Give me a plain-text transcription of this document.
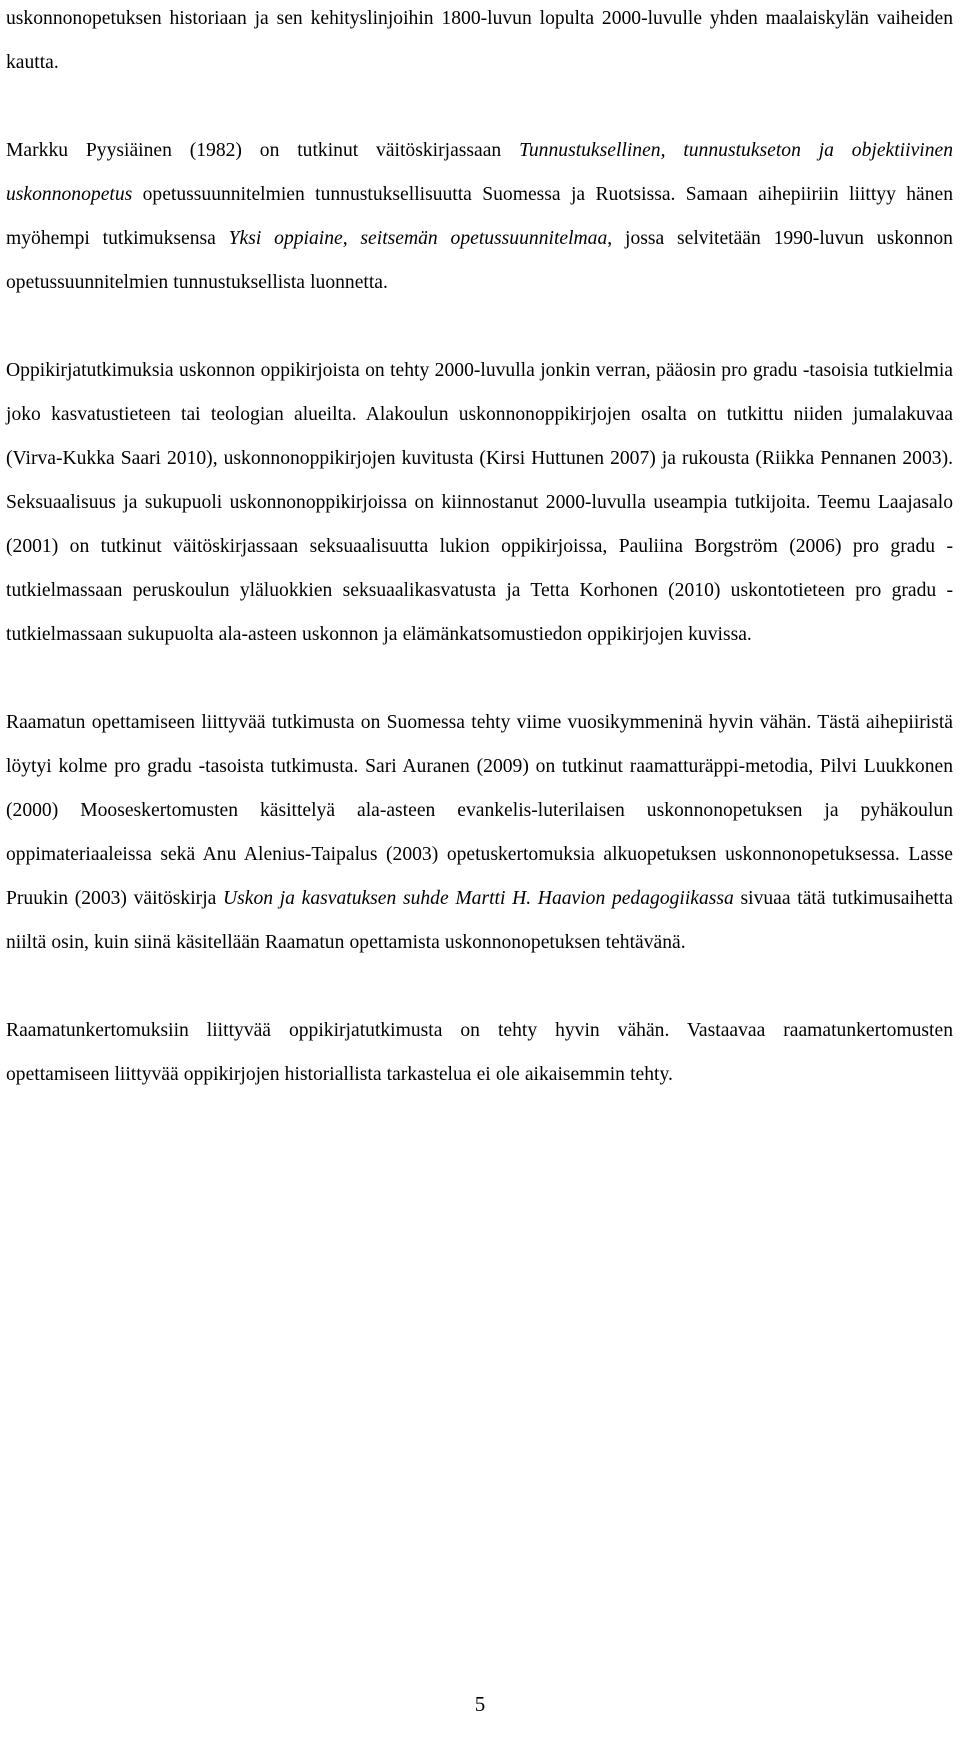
uskonnonopetuksen historiaan ja sen kehityslinjoihin 1800-luvun lopulta 2000-luvulle yhden maalaiskylän vaiheiden kautta.

Markku Pyysiäinen (1982) on tutkinut väitöskirjassaan Tunnustuksellinen, tunnustukseton ja objektiivinen uskonnonopetus opetussuunnitelmien tunnustuksellisuutta Suomessa ja Ruotsissa. Samaan aihepiiriin liittyy hänen myöhempi tutkimuksensa Yksi oppiaine, seitsemän opetussuunnitelmaa, jossa selvitetään 1990-luvun uskonnon opetussuunnitelmien tunnustuksellista luonnetta.

Oppikirjatutkimuksia uskonnon oppikirjoista on tehty 2000-luvulla jonkin verran, pääosin pro gradu -tasoisia tutkielmia joko kasvatustieteen tai teologian alueilta. Alakoulun uskonnonoppikirjojen osalta on tutkittu niiden jumalakuvaa (Virva-Kukka Saari 2010), uskonnonoppikirjojen kuvitusta (Kirsi Huttunen 2007) ja rukousta (Riikka Pennanen 2003). Seksuaalisuus ja sukupuoli uskonnonoppikirjoissa on kiinnostanut 2000-luvulla useampia tutkijoita. Teemu Laajasalo (2001) on tutkinut väitöskirjassaan seksuaalisuutta lukion oppikirjoissa, Pauliina Borgström (2006) pro gradu -tutkielmassaan peruskoulun yläluokkien seksuaalikasvatusta ja Tetta Korhonen (2010) uskontotieteen pro gradu -tutkielmassaan sukupuolta ala-asteen uskonnon ja elämänkatsomustiedon oppikirjojen kuvissa.

Raamatun opettamiseen liittyvää tutkimusta on Suomessa tehty viime vuosikymmeninä hyvin vähän. Tästä aihepiiristä löytyi kolme pro gradu -tasoista tutkimusta. Sari Auranen (2009) on tutkinut raamatturäppi-metodia, Pilvi Luukkonen (2000) Mooseskertomusten käsittelyä ala-asteen evankelis-luterilaisen uskonnonopetuksen ja pyhäkoulun oppimateriaaleissa sekä Anu Alenius-Taipalus (2003) opetuskertomuksia alkuopetuksen uskonnonopetuksessa. Lasse Pruukin (2003) väitöskirja Uskon ja kasvatuksen suhde Martti H. Haavion pedagogiikassa sivuaa tätä tutkimusaihetta niiltä osin, kuin siinä käsitellään Raamatun opettamista uskonnonopetuksen tehtävänä.

Raamatunkertomuksiin liittyvää oppikirjatutkimusta on tehty hyvin vähän. Vastaavaa raamatunkertomusten opettamiseen liittyvää oppikirjojen historiallista tarkastelua ei ole aikaisemmin tehty.

5
